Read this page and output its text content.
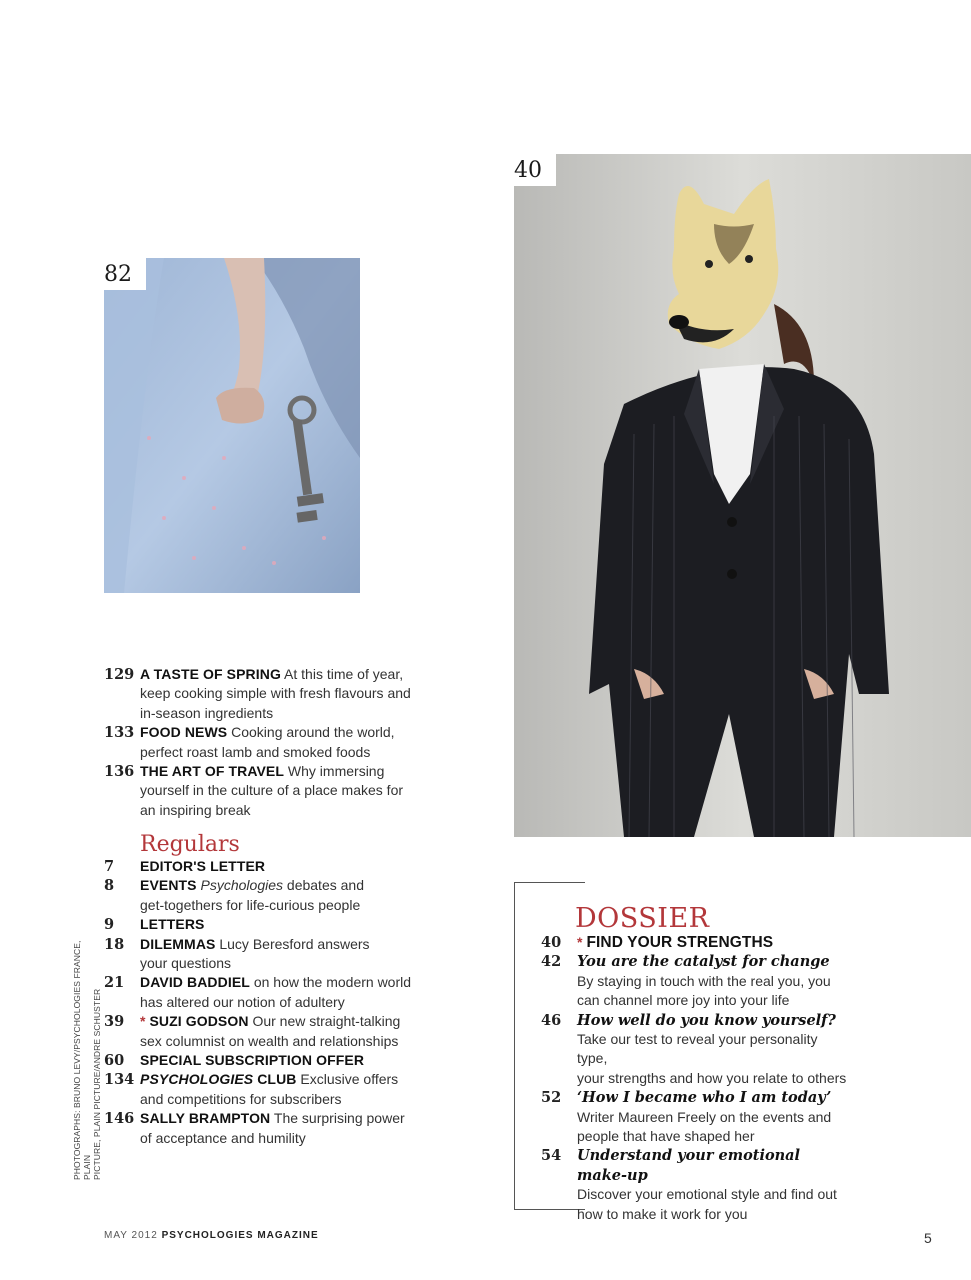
82
40
129 A TASTE OF SPRING At this time of year,
keep cooking simple with fresh flavours and
in-season ingredients
133 FOOD NEWS Cooking around the world,
perfect roast lamb and smoked foods
136 THE ART OF TRAVEL Why immersing
yourself in the culture of a place makes for
an inspiring break
Regulars
7 EDITOR'S LETTER
8 EVENTS Psychologies debates and
get-togethers for life-curious people
9 LETTERS
18 DILEMMAS Lucy Beresford answers
your questions
21 DAVID BADDIEL on how the modern world
has altered our notion of adultery
39 * SUZI GODSON Our new straight-talking
sex columnist on wealth and relationships
60 SPECIAL SUBSCRIPTION OFFER
134 PSYCHOLOGIES CLUB Exclusive offers
and competitions for subscribers
146 SALLY BRAMPTON The surprising power
of acceptance and humility
DOSSIER
40 * FIND YOUR STRENGTHS
42 You are the catalyst for change
By staying in touch with the real you, you
can channel more joy into your life
46 How well do you know yourself?
Take our test to reveal your personality type,
your strengths and how you relate to others
52 ‘How I became who I am today’
Writer Maureen Freely on the events and
people that have shaped her
54 Understand your emotional make-up
Discover your emotional style and find out
how to make it work for you
PHOTOGRAPHS: BRUNO LEVY/PSYCHOLOGIES FRANCE, PLAIN
PICTURE, PLAIN PICTURE/ANDRE SCHUSTER
MAY 2012 PSYCHOLOGIES MAGAZINE	5
